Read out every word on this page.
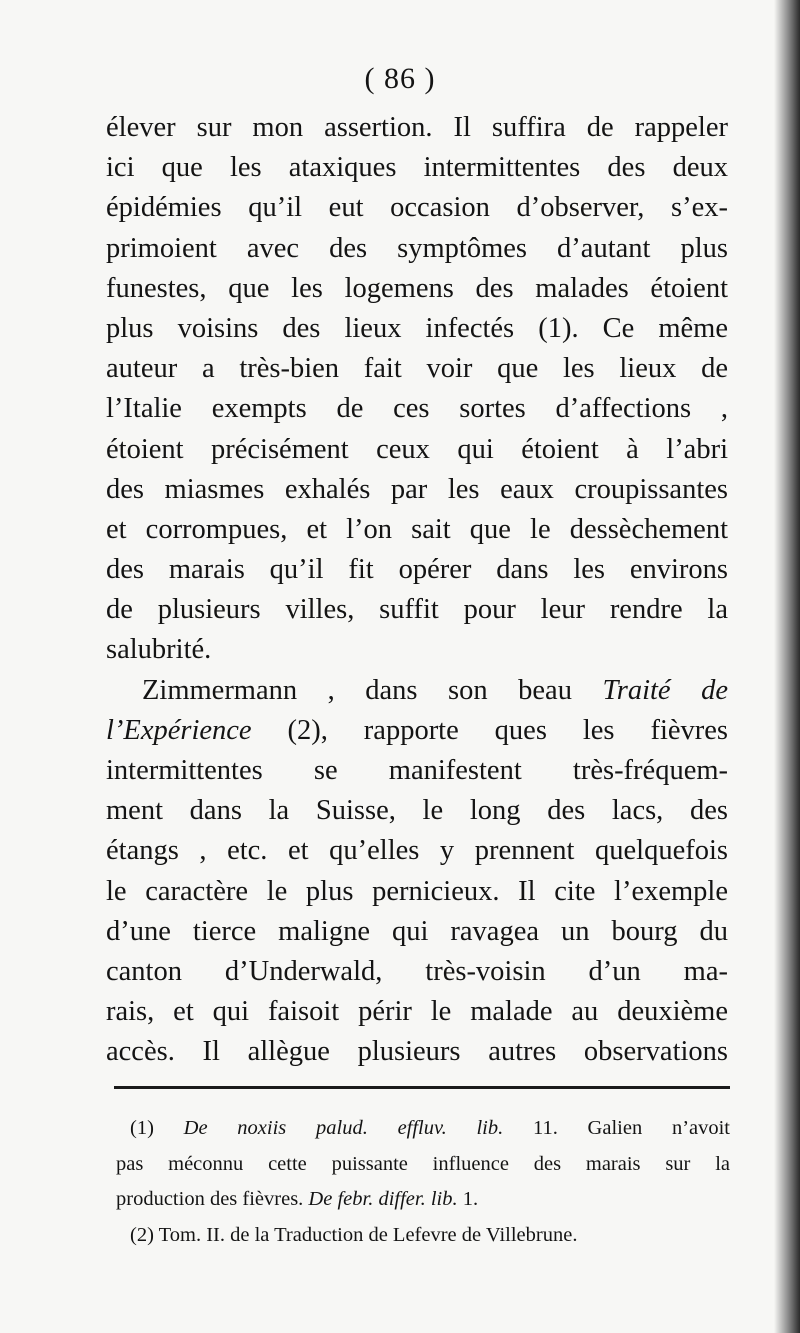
( 86 )
élever sur mon assertion. Il suffira de rappeler
ici que les ataxiques intermittentes des deux
épidémies qu’il eut occasion d’observer, s’ex-
primoient avec des symptômes d’autant plus
funestes, que les logemens des malades étoient
plus voisins des lieux infectés (1). Ce même
auteur a très-bien fait voir que les lieux de
l’Italie exempts de ces sortes d’affections ,
étoient précisément ceux qui étoient à l’abri
des miasmes exhalés par les eaux croupissantes
et corrompues, et l’on sait que le dessèchement
des marais qu’il fit opérer dans les environs
de plusieurs villes, suffit pour leur rendre la
salubrité.
Zimmermann , dans son beau Traité de
l’Expérience (2), rapporte ques les fièvres
intermittentes se manifestent très-fréquem-
ment dans la Suisse, le long des lacs, des
étangs , etc. et qu’elles y prennent quelquefois
le caractère le plus pernicieux. Il cite l’exemple
d’une tierce maligne qui ravagea un bourg du
canton d’Underwald, très-voisin d’un ma-
rais, et qui faisoit périr le malade au deuxième
accès. Il allègue plusieurs autres observations
(1) De noxiis palud. effluv. lib. 11. Galien n’avoit
pas méconnu cette puissante influence des marais sur la
production des fièvres. De febr. differ. lib. 1.
(2) Tom. II. de la Traduction de Lefevre de Villebrune.
